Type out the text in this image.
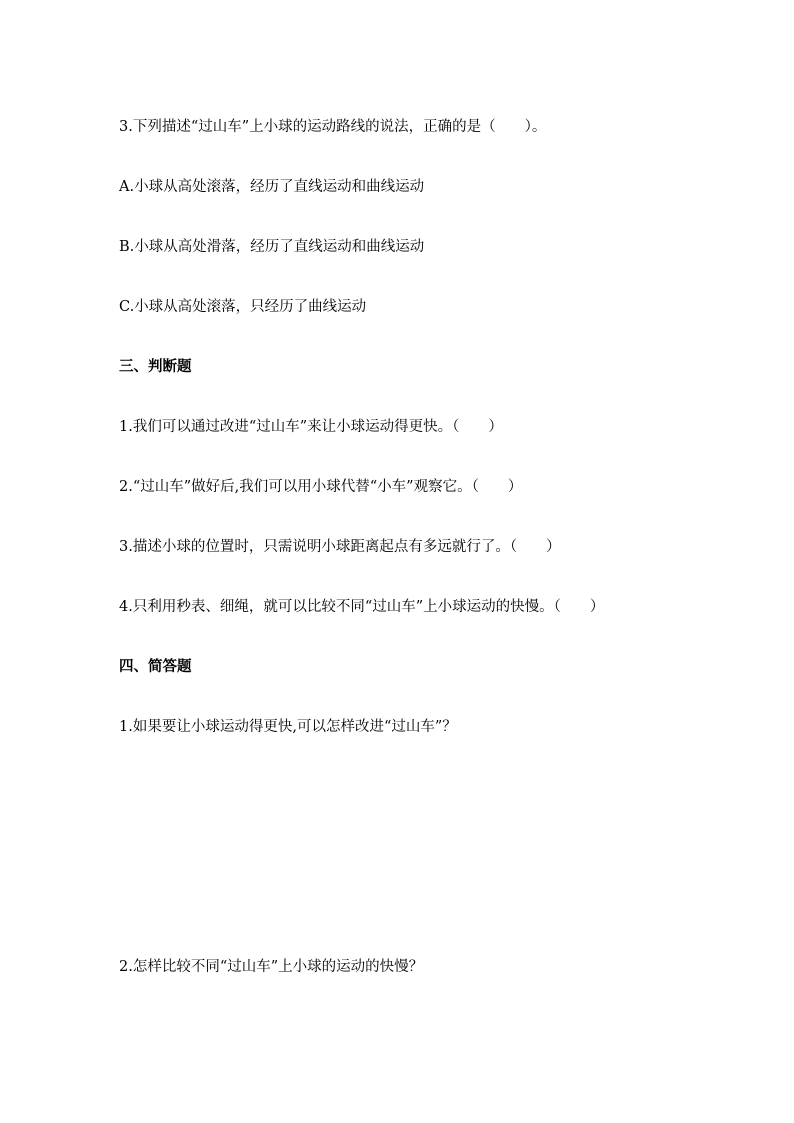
3.下列描述“过山车”上小球的运动路线的说法，正确的是（　　）。
A.小球从高处滚落，经历了直线运动和曲线运动
B.小球从高处滑落，经历了直线运动和曲线运动
C.小球从高处滚落，只经历了曲线运动
三、判断题
1.我们可以通过改进“过山车”来让小球运动得更快。（　　）
2.“过山车”做好后,我们可以用小球代替“小车”观察它。（　　）
3.描述小球的位置时，只需说明小球距离起点有多远就行了。（　　）
4.只利用秒表、细绳，就可以比较不同“过山车”上小球运动的快慢。（　　）
四、简答题
1.如果要让小球运动得更快,可以怎样改进“过山车”？
2.怎样比较不同“过山车”上小球的运动的快慢？
